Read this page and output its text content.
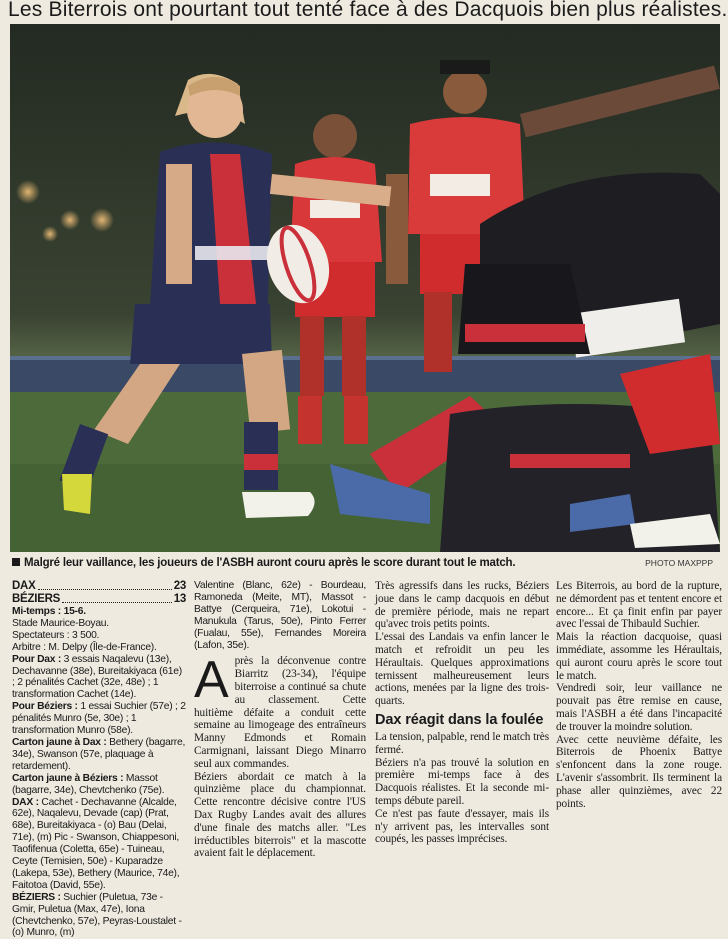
Les Biterrois ont pourtant tout tenté face à des Dacquois bien plus réalistes.
Malgré leur vaillance, les joueurs de l'ASBH auront couru après le score durant tout le match.	PHOTO MAXPPP
DAX	23
BÉZIERS	13

Mi-temps : 15-6.

Stade Maurice-Boyau.

Spectateurs : 3 500.

Arbitre : M. Delpy (Île-de-France).

Pour Dax : 3 essais Naqalevu (13e), Dechavanne (38e), Bureitakiyaca (61e) ; 2 pénalités Cachet (32e, 48e) ; 1 transformation Cachet (14e).

Pour Béziers : 1 essai Suchier (57e) ; 2 pénalités Munro (5e, 30e) ; 1 transformation Munro (58e).

Carton jaune à Dax : Bethery (bagarre, 34e), Swanson (57e, plaquage à retardement).

Carton jaune à Béziers : Massot (bagarre, 34e), Chevtchenko (75e).

DAX : Cachet - Dechavanne (Alcalde, 62e), Naqalevu, Devade (cap) (Prat, 68e), Bureitakiyaca - (o) Bau (Delai, 71e), (m) Pic - Swanson, Chiappesoni, Taofifenua (Coletta, 65e) - Tuineau, Ceyte (Temisien, 50e) - Kuparadze (Lakepa, 53e), Bethery (Maurice, 74e), Faitotoa (David, 55e).

BÉZIERS : Suchier (Puletua, 73e - Gmir, Puletua (Max, 47e), Iona (Chevtchenko, 57e), Peyras-Loustalet - (o) Munro, (m)

Valentine (Blanc, 62e) - Bourdeau, Ramoneda (Meite, MT), Massot - Battye (Cerqueira, 71e), Lokotui - Manukula (Tarus, 50e), Pinto Ferrer (Fualau, 55e), Fernandes Moreira (Lafon, 35e).

Après la déconvenue contre Biarritz (23-34), l'équipe biterroise a continué sa chute au classement. Cette huitième défaite a conduit cette semaine au limogeage des entraîneurs Manny Edmonds et Romain Carmignani, laissant Diego Minarro seul aux commandes.

Béziers abordait ce match à la quinzième place du championnat. Cette rencontre décisive contre l'US Dax Rugby Landes avait des allures d'une finale des matchs aller. "Les irréductibles biterrois" et la mascotte avaient fait le déplacement.

Très agressifs dans les rucks, Béziers joue dans le camp dacquois en début de première période, mais ne repart qu'avec trois petits points.

L'essai des Landais va enfin lancer le match et refroidit un peu les Héraultais. Quelques approximations ternissent malheureusement leurs actions, menées par la ligne des trois-quarts.

Dax réagit dans la foulée

La tension, palpable, rend le match très fermé.

Béziers n'a pas trouvé la solution en première mi-temps face à des Dacquois réalistes. Et la seconde mi-temps débute pareil.

Ce n'est pas faute d'essayer, mais ils n'y arrivent pas, les intervalles sont coupés, les passes imprécises.

Les Biterrois, au bord de la rupture, ne démordent pas et tentent encore et encore... Et ça finit enfin par payer avec l'essai de Thibauld Suchier.

Mais la réaction dacquoise, quasi immédiate, assomme les Héraultais, qui auront couru après le score tout le match.

Vendredi soir, leur vaillance ne pouvait pas être remise en cause, mais l'ASBH a été dans l'incapacité de trouver la moindre solution.

Avec cette neuvième défaite, les Biterrois de Phoenix Battye s'enfoncent dans la zone rouge. L'avenir s'assombrit. Ils terminent la phase aller quinzièmes, avec 22 points.
